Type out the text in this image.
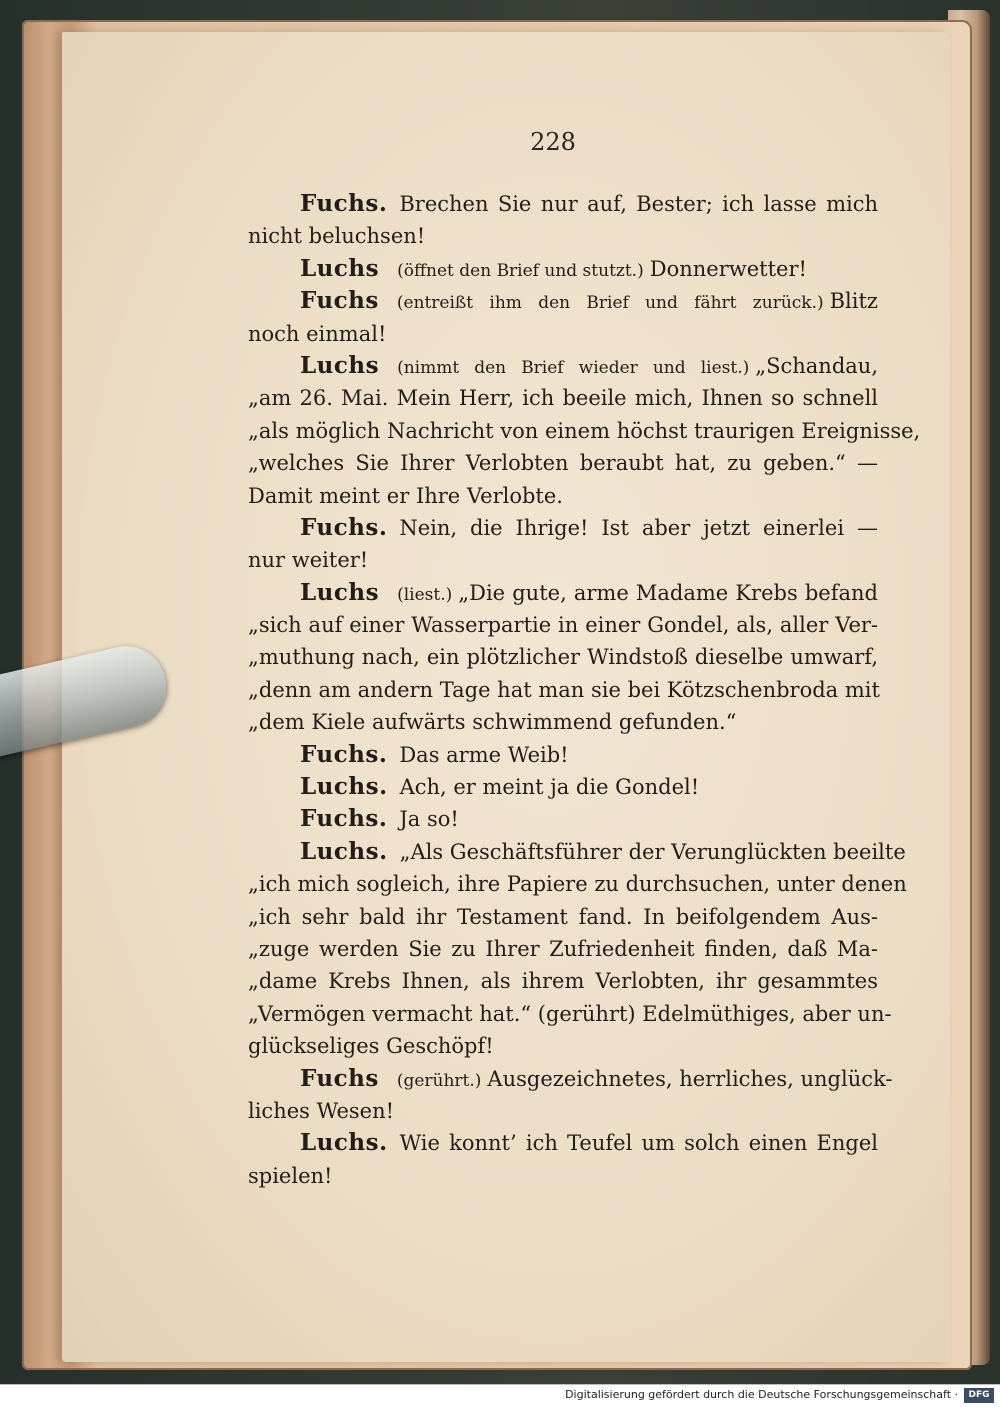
228
Fuchs. Brechen Sie nur auf, Bester; ich lasse mich
nicht beluchsen!
Luchs (öffnet den Brief und stutzt.) Donnerwetter!
Fuchs (entreißt ihm den Brief und fährt zurück.) Blitz
noch einmal!
Luchs (nimmt den Brief wieder und liest.) „Schandau,
„am 26. Mai. Mein Herr, ich beeile mich, Ihnen so schnell
„als möglich Nachricht von einem höchst traurigen Ereignisse,
„welches Sie Ihrer Verlobten beraubt hat, zu geben.“ —
Damit meint er Ihre Verlobte.
Fuchs. Nein, die Ihrige! Ist aber jetzt einerlei —
nur weiter!
Luchs (liest.) „Die gute, arme Madame Krebs befand
„sich auf einer Wasserpartie in einer Gondel, als, aller Ver-
„muthung nach, ein plötzlicher Windstoß dieselbe umwarf,
„denn am andern Tage hat man sie bei Kötzschenbroda mit
„dem Kiele aufwärts schwimmend gefunden.“
Fuchs. Das arme Weib!
Luchs. Ach, er meint ja die Gondel!
Fuchs. Ja so!
Luchs. „Als Geschäftsführer der Verunglückten beeilte
„ich mich sogleich, ihre Papiere zu durchsuchen, unter denen
„ich sehr bald ihr Testament fand. In beifolgendem Aus-
„zuge werden Sie zu Ihrer Zufriedenheit finden, daß Ma-
„dame Krebs Ihnen, als ihrem Verlobten, ihr gesammtes
„Vermögen vermacht hat.“ (gerührt) Edelmüthiges, aber un-
glückseliges Geschöpf!
Fuchs (gerührt.) Ausgezeichnetes, herrliches, unglück-
liches Wesen!
Luchs. Wie konnt’ ich Teufel um solch einen Engel
spielen!
Digitalisierung gefördert durch die Deutsche Forschungsgemeinschaft ·	DFG
